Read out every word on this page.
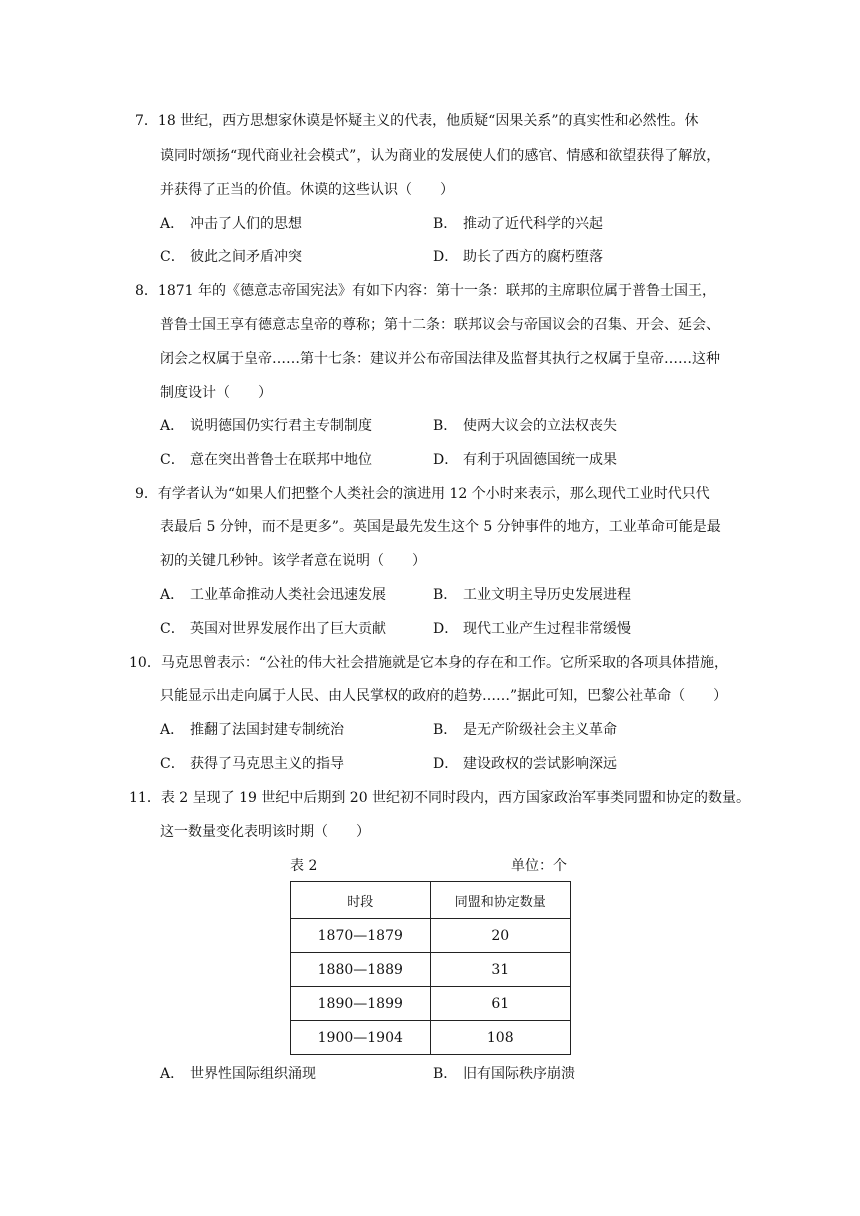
7．18 世纪，西方思想家休谟是怀疑主义的代表，他质疑“因果关系”的真实性和必然性。休
谟同时颂扬“现代商业社会模式”，认为商业的发展使人们的感官、情感和欲望获得了解放，
并获得了正当的价值。休谟的这些认识（　　）
A． 冲击了人们的思想	B． 推动了近代科学的兴起
C． 彼此之间矛盾冲突	D． 助长了西方的腐朽堕落
8．1871 年的《德意志帝国宪法》有如下内容：第十一条：联邦的主席职位属于普鲁士国王，
普鲁士国王享有德意志皇帝的尊称；第十二条：联邦议会与帝国议会的召集、开会、延会、
闭会之权属于皇帝……第十七条：建议并公布帝国法律及监督其执行之权属于皇帝……这种
制度设计（　　）
A． 说明德国仍实行君主专制制度	B． 使两大议会的立法权丧失
C． 意在突出普鲁士在联邦中地位	D． 有利于巩固德国统一成果
9．有学者认为“如果人们把整个人类社会的演进用 12 个小时来表示，那么现代工业时代只代
表最后 5 分钟，而不是更多”。英国是最先发生这个 5 分钟事件的地方，工业革命可能是最
初的关键几秒钟。该学者意在说明（　　）
A． 工业革命推动人类社会迅速发展	B． 工业文明主导历史发展进程
C． 英国对世界发展作出了巨大贡献	D． 现代工业产生过程非常缓慢
10．马克思曾表示：“公社的伟大社会措施就是它本身的存在和工作。它所采取的各项具体措施，
只能显示出走向属于人民、由人民掌权的政府的趋势……”据此可知，巴黎公社革命（　　）
A． 推翻了法国封建专制统治	B． 是无产阶级社会主义革命
C． 获得了马克思主义的指导	D． 建设政权的尝试影响深远
11．表 2 呈现了 19 世纪中后期到 20 世纪初不同时段内，西方国家政治军事类同盟和协定的数量。
这一数量变化表明该时期（　　）
表 2	单位：个
时段	同盟和协定数量
1870—1879	20
1880—1889	31
1890—1899	61
1900—1904	108
A． 世界性国际组织涌现	B． 旧有国际秩序崩溃
